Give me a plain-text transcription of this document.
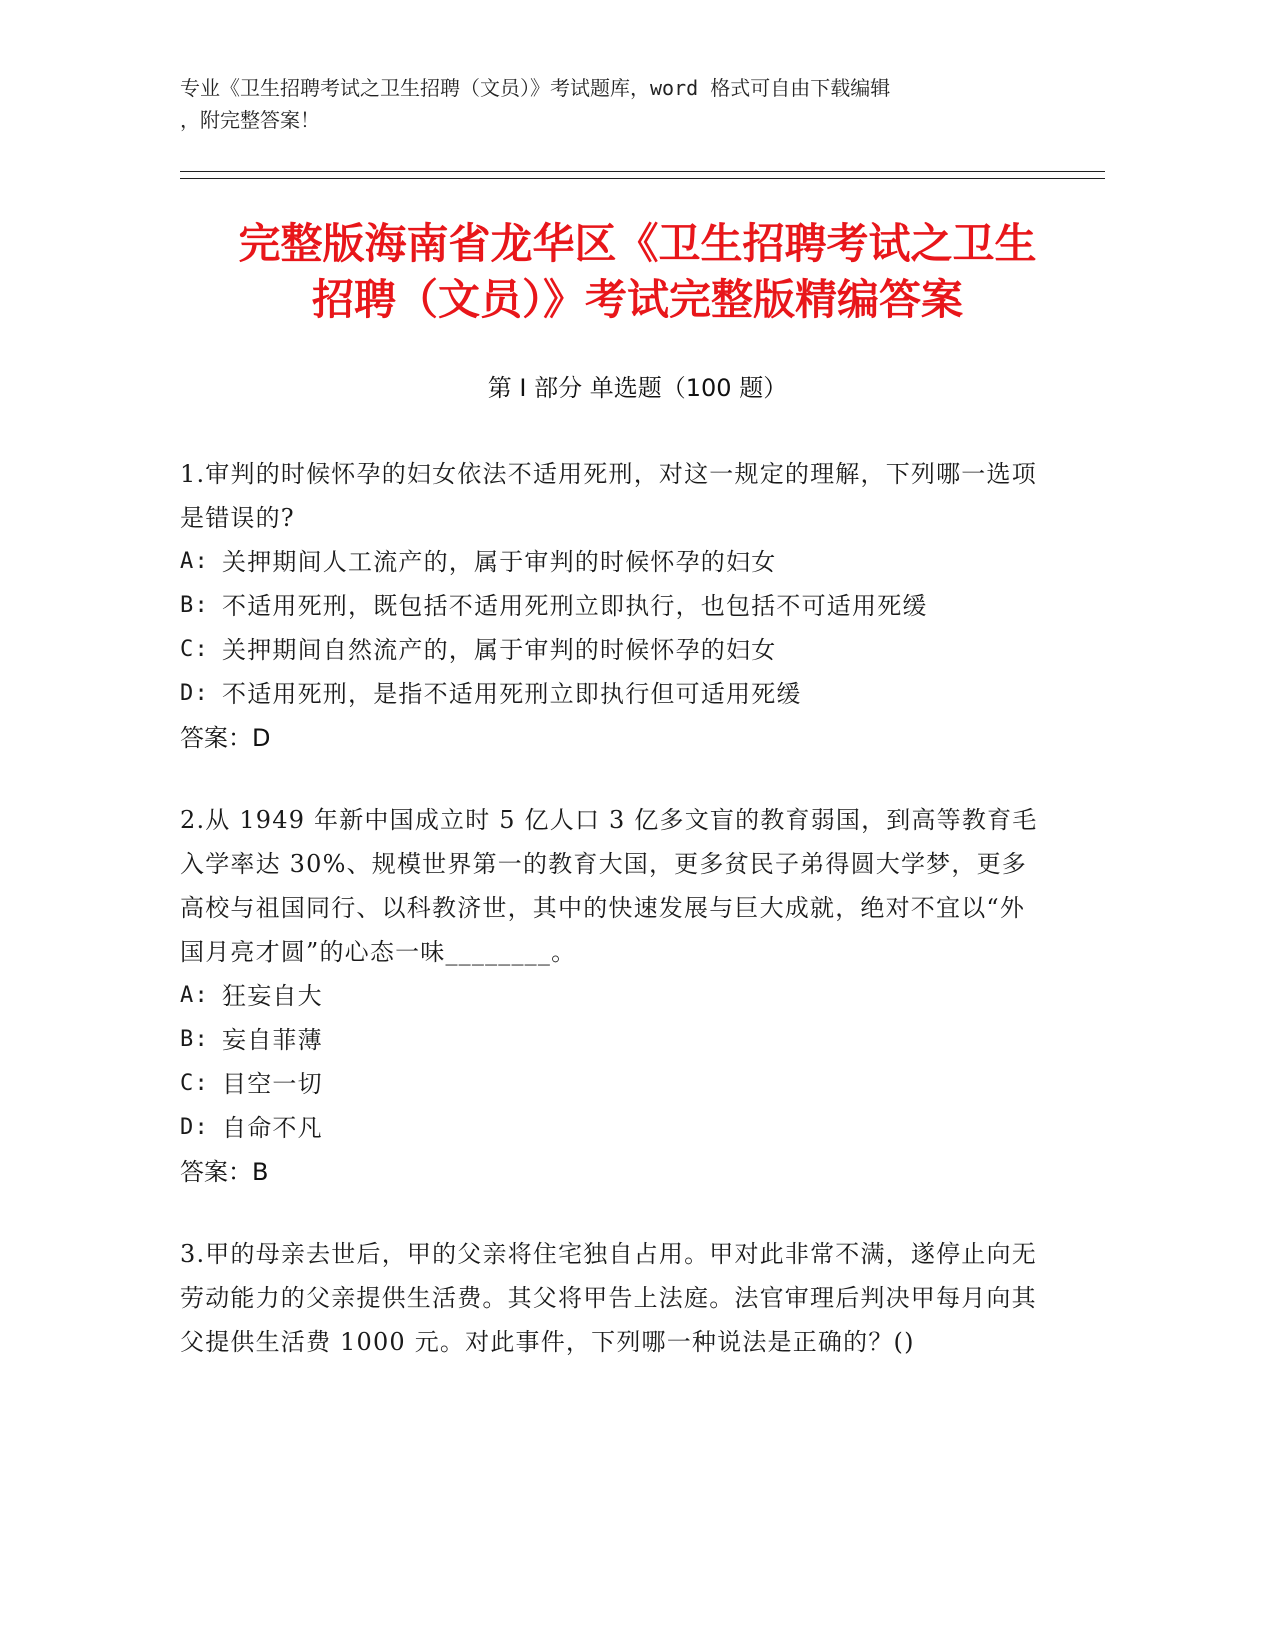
专业《卫生招聘考试之卫生招聘（文员）》考试题库，word 格式可自由下载编辑

，附完整答案！

完整版海南省龙华区《卫生招聘考试之卫生

招聘（文员）》考试完整版精编答案

第 I 部分 单选题（100 题）

1.审判的时候怀孕的妇女依法不适用死刑，对这一规定的理解，下列哪一选项是错误的?

A: 关押期间人工流产的，属于审判的时候怀孕的妇女

B: 不适用死刑，既包括不适用死刑立即执行，也包括不可适用死缓

C: 关押期间自然流产的，属于审判的时候怀孕的妇女

D: 不适用死刑，是指不适用死刑立即执行但可适用死缓

答案：D

2.从 1949 年新中国成立时 5 亿人口 3 亿多文盲的教育弱国，到高等教育毛入学率达 30%、规模世界第一的教育大国，更多贫民子弟得圆大学梦，更多高校与祖国同行、以科教济世，其中的快速发展与巨大成就，绝对不宜以“外国月亮才圆”的心态一味________。

A: 狂妄自大

B: 妄自菲薄

C: 目空一切

D: 自命不凡

答案：B

3.甲的母亲去世后，甲的父亲将住宅独自占用。甲对此非常不满，遂停止向无劳动能力的父亲提供生活费。其父将甲告上法庭。法官审理后判决甲每月向其父提供生活费 1000 元。对此事件，下列哪一种说法是正确的？()
